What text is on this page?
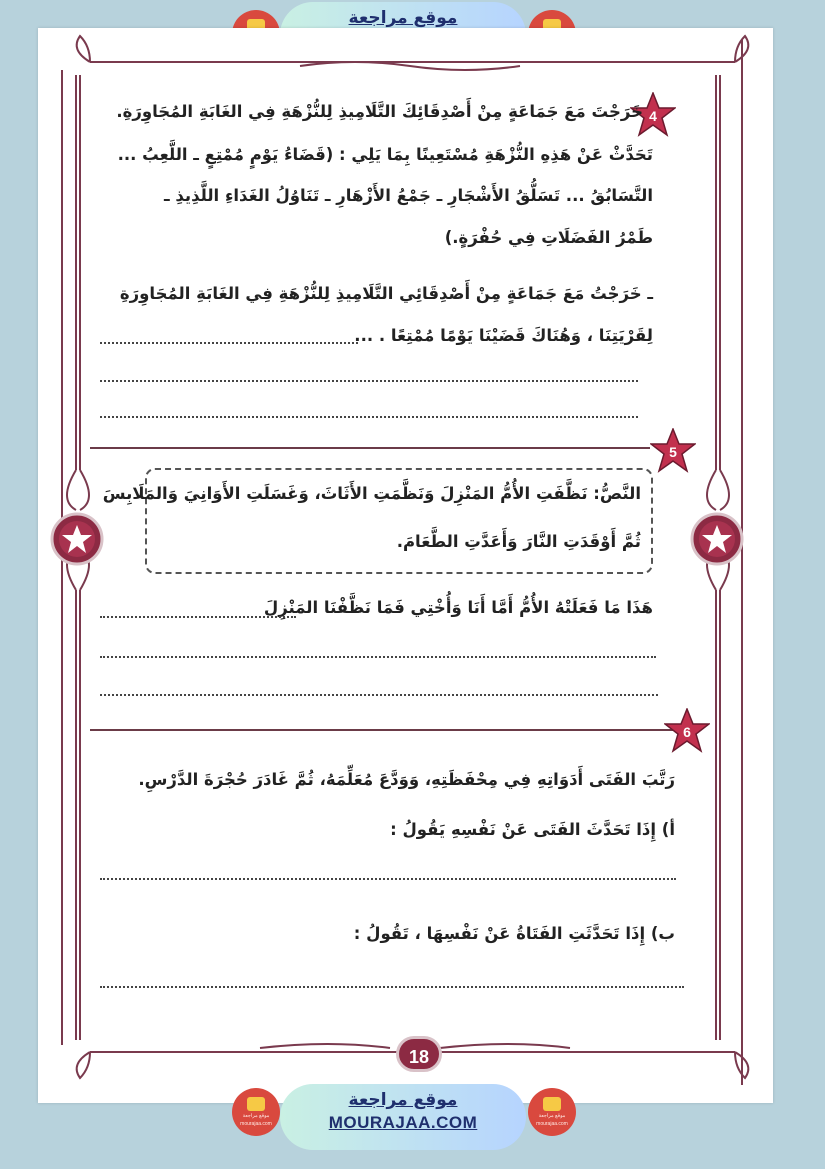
موقع مراجعة
4
خَرَجْتَ مَعَ جَمَاعَةٍ مِنْ أَصْدِقَائِكَ التَّلَامِيذِ لِلنُّزْهَةِ فِي الغَابَةِ المُجَاوِرَةِ.
تَحَدَّثْ عَنْ هَذِهِ النُّزْهَةِ مُسْتَعِينًا بِمَا يَلِي : (قَضَاءُ يَوْمٍ مُمْتِعٍ ـ اللَّعِبُ ...
التَّسَابُقُ ... تَسَلُّقُ الأَشْجَارِ ـ جَمْعُ الأَزْهَارِ ـ تَنَاوُلُ الغَدَاءِ اللَّذِيذِ ـ
طَمْرُ الفَضَلَاتِ فِي حُفْرَةٍ.)
ـ خَرَجْتُ مَعَ جَمَاعَةٍ مِنْ أَصْدِقَائِي التَّلَامِيذِ لِلنُّزْهَةِ فِي الغَابَةِ المُجَاوِرَةِ
لِقَرْيَتِنَا ، وَهُنَاكَ قَضَيْنَا يَوْمًا مُمْتِعًا . ...
5
النَّصُّ: نَظَّفَتِ الأُمُّ المَنْزِلَ وَنَظَّمَتِ الأَثَاثَ، وَغَسَلَتِ الأَوَانِيَ وَالمَلَابِسَ
ثُمَّ أَوْقَدَتِ النَّارَ وَأَعَدَّتِ الطَّعَامَ.
هَذَا مَا فَعَلَتْهُ الأُمُّ أَمَّا أَنَا وَأُخْتِي فَمَا نَظَّفْنَا المَنْزِلَ
6
رَتَّبَ الفَتَى أَدَوَاتِهِ فِي مِحْفَظَتِهِ، وَوَدَّعَ مُعَلِّمَهُ، ثُمَّ غَادَرَ حُجْرَةَ الدَّرْسِ.
أ) إِذَا تَحَدَّثَ الفَتَى عَنْ نَفْسِهِ يَقُولُ :
ب) إِذَا تَحَدَّثَتِ الفَتَاةُ عَنْ نَفْسِهَا ، تَقُولُ :
18
موقع مراجعة
MOURAJAA.COM
موقع مراجعة
mourajaa.com
موقع مراجعة
mourajaa.com
